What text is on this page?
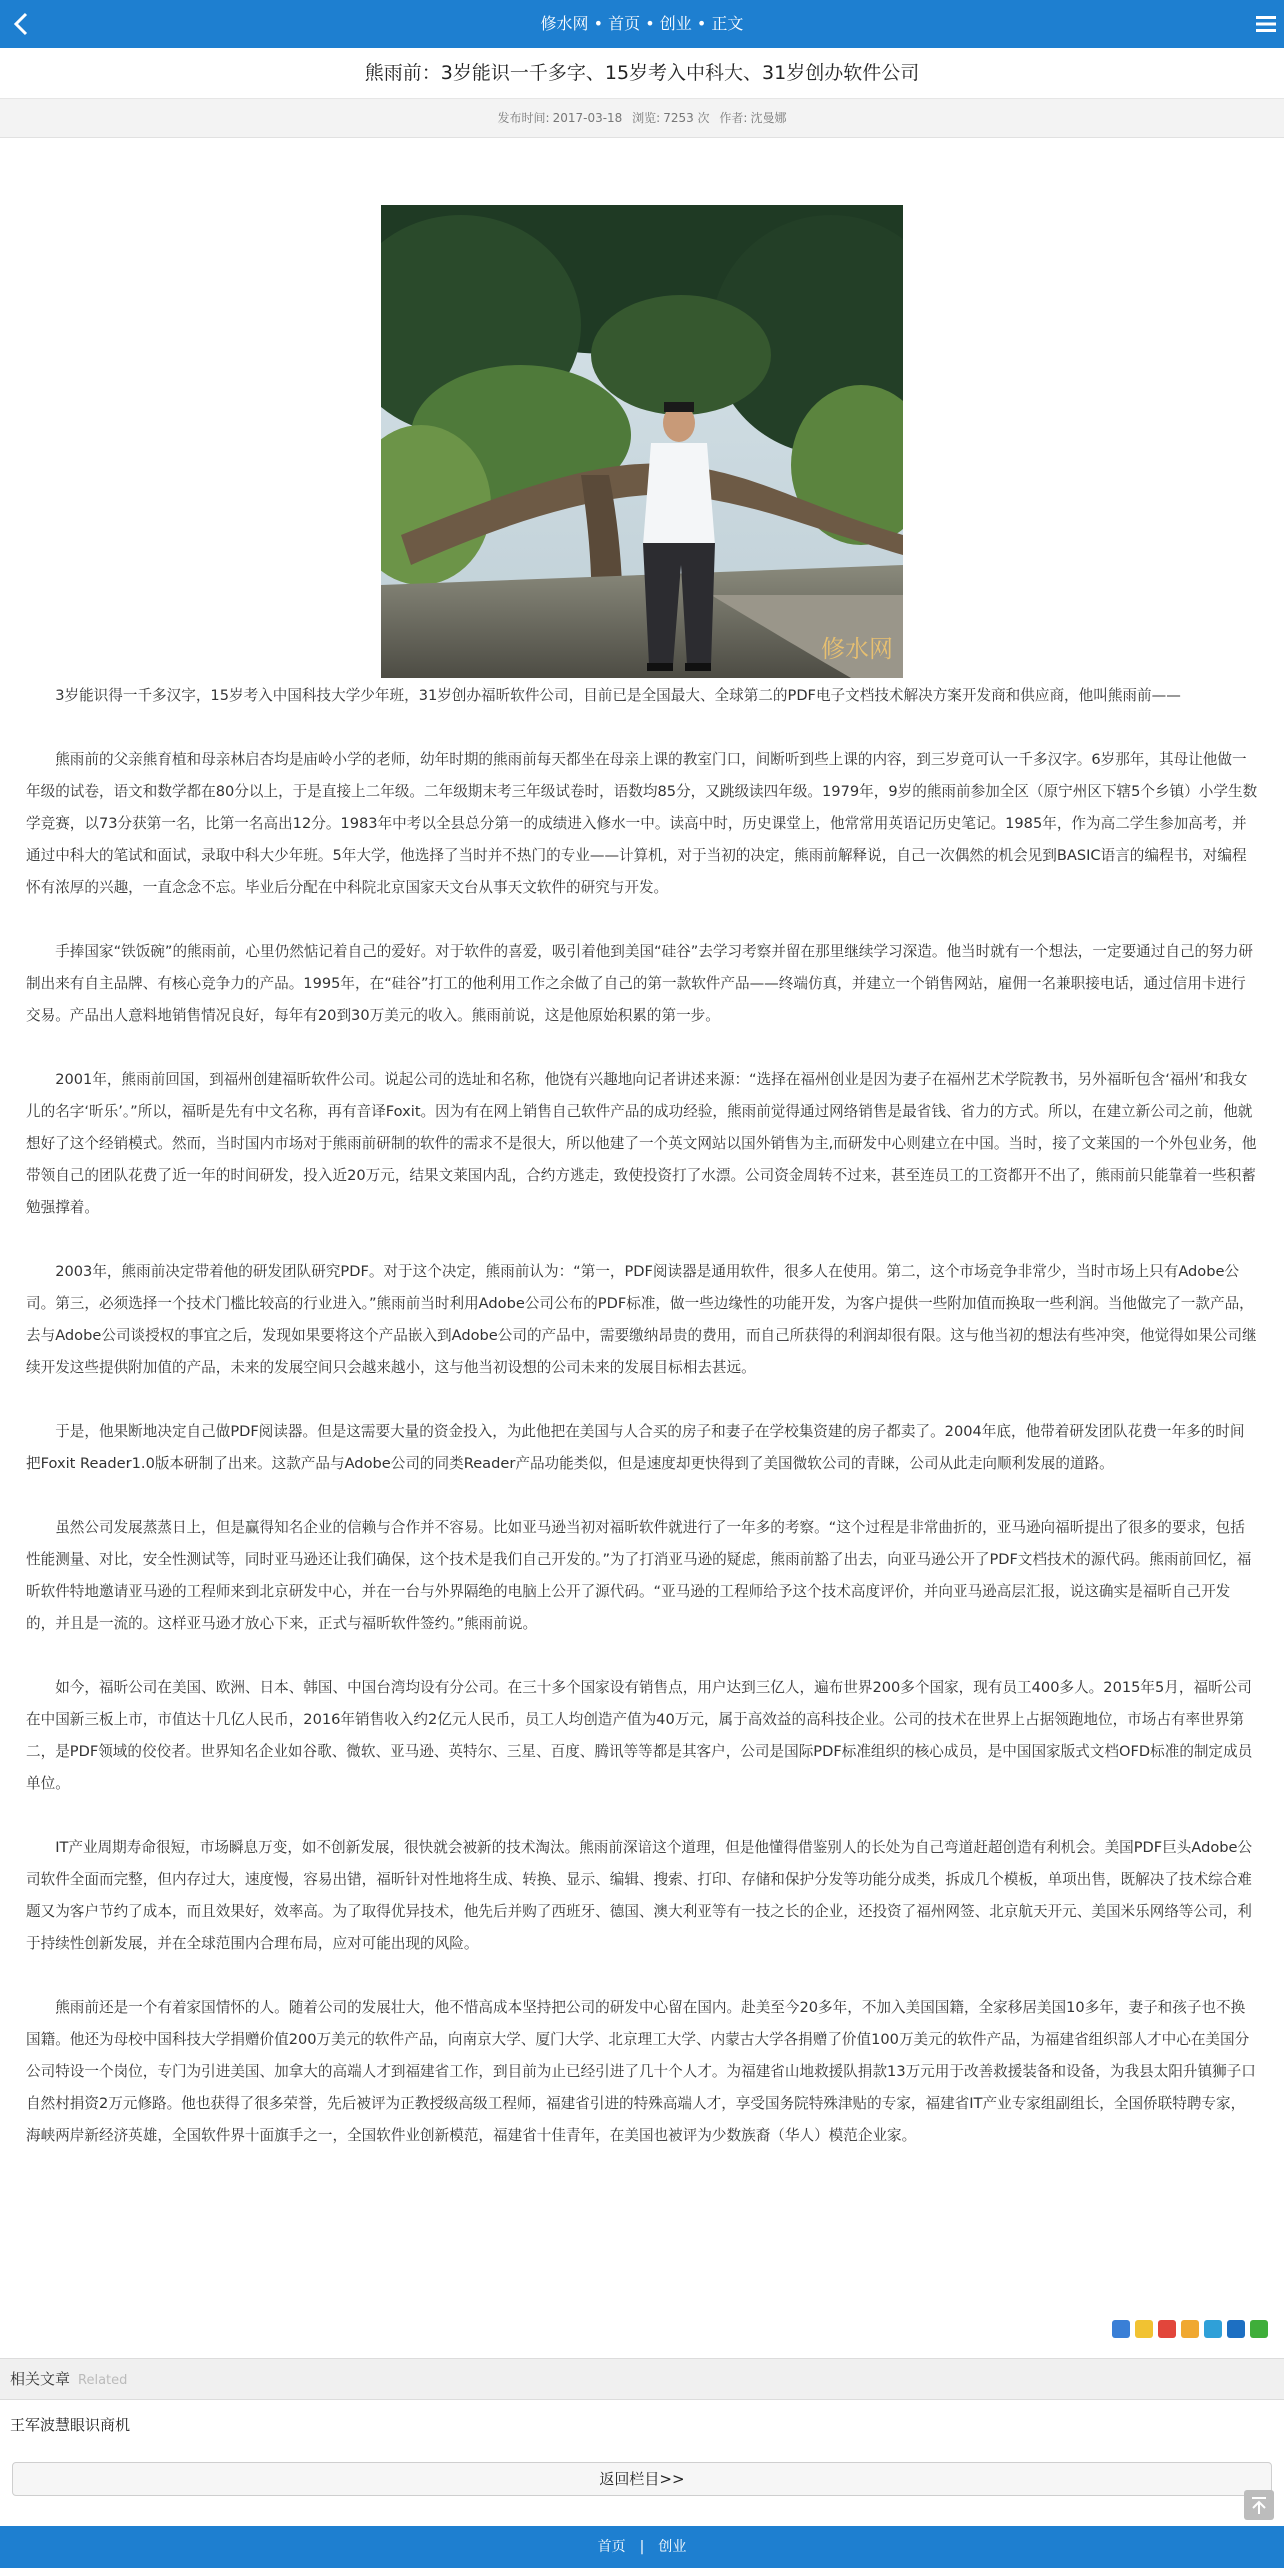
修水网 • 首页 • 创业 • 正文
熊雨前：3岁能识一千多字、15岁考入中科大、31岁创办软件公司
发布时间: 2017-03-18 浏览: 7253 次 作者: 沈曼娜
修水网

3岁能识得一千多汉字，15岁考入中国科技大学少年班，31岁创办福昕软件公司，目前已是全国最大、全球第二的PDF电子文档技术解决方案开发商和供应商，他叫熊雨前——

熊雨前的父亲熊育植和母亲林启杏均是庙岭小学的老师，幼年时期的熊雨前每天都坐在母亲上课的教室门口，间断听到些上课的内容，到三岁竟可认一千多汉字。6岁那年，其母让他做一年级的试卷，语文和数学都在80分以上，于是直接上二年级。二年级期末考三年级试卷时，语数均85分，又跳级读四年级。1979年，9岁的熊雨前参加全区（原宁州区下辖5个乡镇）小学生数学竞赛，以73分获第一名，比第一名高出12分。1983年中考以全县总分第一的成绩进入修水一中。读高中时，历史课堂上，他常常用英语记历史笔记。1985年，作为高二学生参加高考，并通过中科大的笔试和面试，录取中科大少年班。5年大学，他选择了当时并不热门的专业——计算机，对于当初的决定，熊雨前解释说，自己一次偶然的机会见到BASIC语言的编程书，对编程怀有浓厚的兴趣，一直念念不忘。毕业后分配在中科院北京国家天文台从事天文软件的研究与开发。

手捧国家“铁饭碗”的熊雨前，心里仍然惦记着自己的爱好。对于软件的喜爱，吸引着他到美国“硅谷”去学习考察并留在那里继续学习深造。他当时就有一个想法，一定要通过自己的努力研制出来有自主品牌、有核心竞争力的产品。1995年，在“硅谷”打工的他利用工作之余做了自己的第一款软件产品——终端仿真，并建立一个销售网站，雇佣一名兼职接电话，通过信用卡进行交易。产品出人意料地销售情况良好，每年有20到30万美元的收入。熊雨前说，这是他原始积累的第一步。

2001年，熊雨前回国，到福州创建福昕软件公司。说起公司的选址和名称，他饶有兴趣地向记者讲述来源：“选择在福州创业是因为妻子在福州艺术学院教书，另外福昕包含‘福州’和我女儿的名字‘昕乐’。”所以，福昕是先有中文名称，再有音译Foxit。因为有在网上销售自己软件产品的成功经验，熊雨前觉得通过网络销售是最省钱、省力的方式。所以，在建立新公司之前，他就想好了这个经销模式。然而，当时国内市场对于熊雨前研制的软件的需求不是很大，所以他建了一个英文网站以国外销售为主,而研发中心则建立在中国。当时，接了文莱国的一个外包业务，他带领自己的团队花费了近一年的时间研发，投入近20万元，结果文莱国内乱，合约方逃走，致使投资打了水漂。公司资金周转不过来，甚至连员工的工资都开不出了，熊雨前只能靠着一些积蓄勉强撑着。

2003年，熊雨前决定带着他的研发团队研究PDF。对于这个决定，熊雨前认为：“第一，PDF阅读器是通用软件，很多人在使用。第二，这个市场竞争非常少，当时市场上只有Adobe公司。第三，必须选择一个技术门槛比较高的行业进入。”熊雨前当时利用Adobe公司公布的PDF标准，做一些边缘性的功能开发，为客户提供一些附加值而换取一些利润。当他做完了一款产品，去与Adobe公司谈授权的事宜之后，发现如果要将这个产品嵌入到Adobe公司的产品中，需要缴纳昂贵的费用，而自己所获得的利润却很有限。这与他当初的想法有些冲突，他觉得如果公司继续开发这些提供附加值的产品，未来的发展空间只会越来越小，这与他当初设想的公司未来的发展目标相去甚远。

于是，他果断地决定自己做PDF阅读器。但是这需要大量的资金投入，为此他把在美国与人合买的房子和妻子在学校集资建的房子都卖了。2004年底，他带着研发团队花费一年多的时间把Foxit Reader1.0版本研制了出来。这款产品与Adobe公司的同类Reader产品功能类似，但是速度却更快得到了美国微软公司的青睐，公司从此走向顺利发展的道路。

虽然公司发展蒸蒸日上，但是赢得知名企业的信赖与合作并不容易。比如亚马逊当初对福昕软件就进行了一年多的考察。“这个过程是非常曲折的，亚马逊向福昕提出了很多的要求，包括性能测量、对比，安全性测试等，同时亚马逊还让我们确保，这个技术是我们自己开发的。”为了打消亚马逊的疑虑，熊雨前豁了出去，向亚马逊公开了PDF文档技术的源代码。熊雨前回忆，福昕软件特地邀请亚马逊的工程师来到北京研发中心，并在一台与外界隔绝的电脑上公开了源代码。“亚马逊的工程师给予这个技术高度评价，并向亚马逊高层汇报，说这确实是福昕自己开发的，并且是一流的。这样亚马逊才放心下来，正式与福昕软件签约。”熊雨前说。

如今，福昕公司在美国、欧洲、日本、韩国、中国台湾均设有分公司。在三十多个国家设有销售点，用户达到三亿人，遍布世界200多个国家，现有员工400多人。2015年5月，福昕公司在中国新三板上市，市值达十几亿人民币，2016年销售收入约2亿元人民币，员工人均创造产值为40万元，属于高效益的高科技企业。公司的技术在世界上占据领跑地位，市场占有率世界第二，是PDF领域的佼佼者。世界知名企业如谷歌、微软、亚马逊、英特尔、三星、百度、腾讯等等都是其客户，公司是国际PDF标准组织的核心成员，是中国国家版式文档OFD标准的制定成员单位。

IT产业周期寿命很短，市场瞬息万变，如不创新发展，很快就会被新的技术淘汰。熊雨前深谙这个道理，但是他懂得借鉴别人的长处为自己弯道赶超创造有利机会。美国PDF巨头Adobe公司软件全面而完整，但内存过大，速度慢，容易出错，福昕针对性地将生成、转换、显示、编辑、搜索、打印、存储和保护分发等功能分成类，拆成几个模板，单项出售，既解决了技术综合难题又为客户节约了成本，而且效果好，效率高。为了取得优异技术，他先后并购了西班牙、德国、澳大利亚等有一技之长的企业，还投资了福州网签、北京航天开元、美国米乐网络等公司，利于持续性创新发展，并在全球范围内合理布局，应对可能出现的风险。

熊雨前还是一个有着家国情怀的人。随着公司的发展壮大，他不惜高成本坚持把公司的研发中心留在国内。赴美至今20多年，不加入美国国籍，全家移居美国10多年，妻子和孩子也不换国籍。他还为母校中国科技大学捐赠价值200万美元的软件产品，向南京大学、厦门大学、北京理工大学、内蒙古大学各捐赠了价值100万美元的软件产品，为福建省组织部人才中心在美国分公司特设一个岗位，专门为引进美国、加拿大的高端人才到福建省工作，到目前为止已经引进了几十个人才。为福建省山地救援队捐款13万元用于改善救援装备和设备，为我县太阳升镇狮子口自然村捐资2万元修路。他也获得了很多荣誉，先后被评为正教授级高级工程师，福建省引进的特殊高端人才，享受国务院特殊津贴的专家，福建省IT产业专家组副组长，全国侨联特聘专家，海峡两岸新经济英雄，全国软件界十面旗手之一，全国软件业创新模范，福建省十佳青年，在美国也被评为少数族裔（华人）模范企业家。

相关文章 Related
王军波慧眼识商机
返回栏目>>
首页 | 创业
